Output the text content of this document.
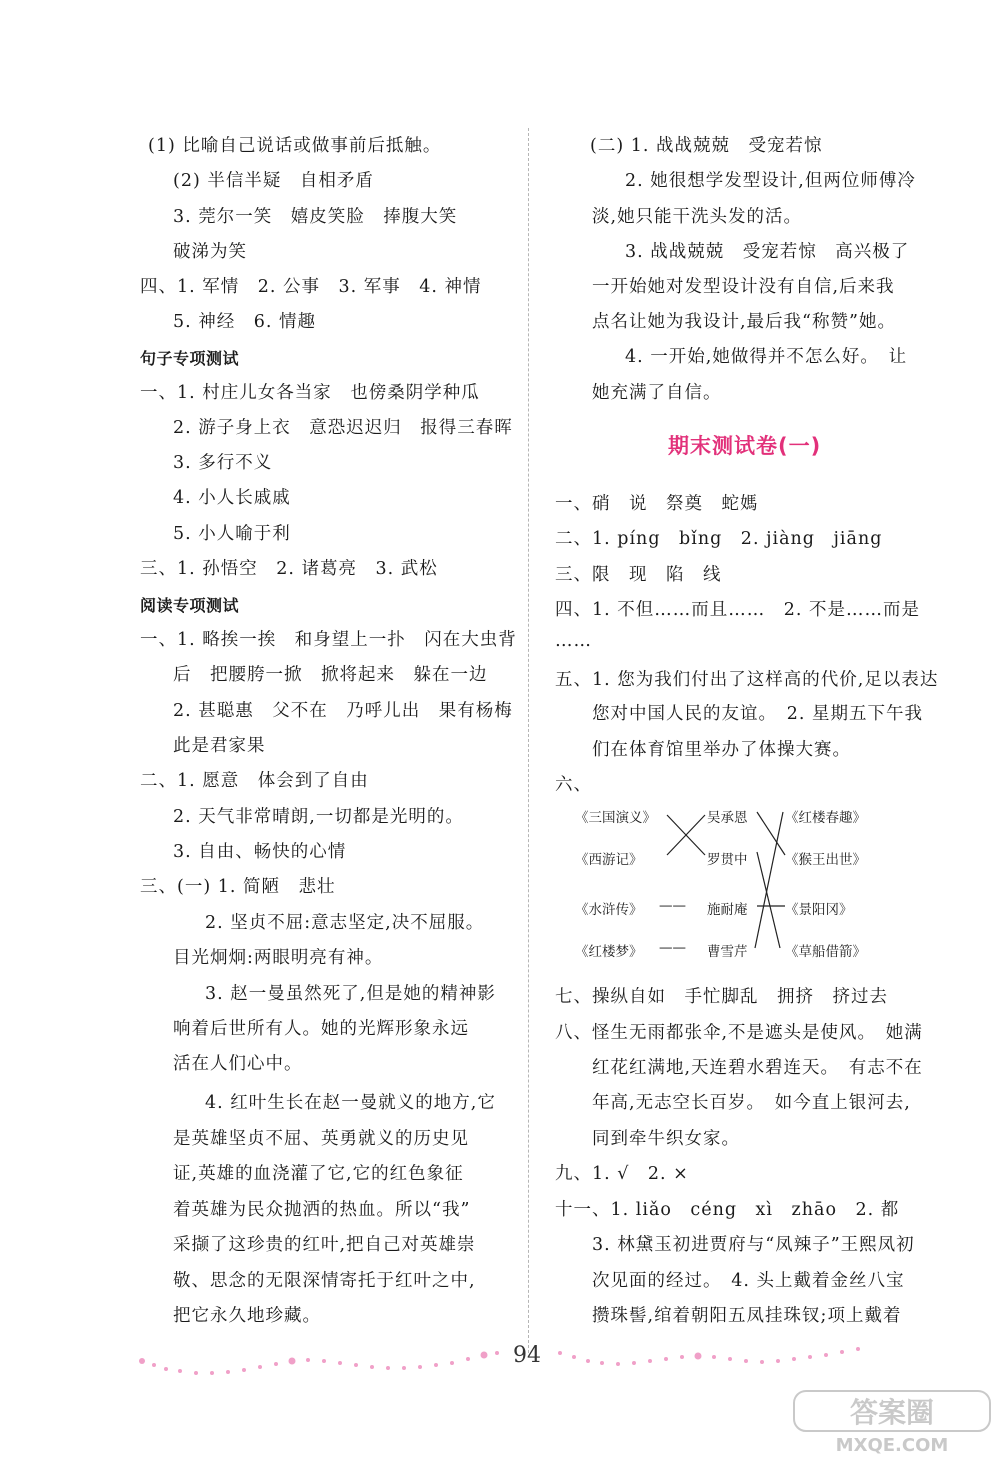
(1) 比喻自己说话或做事前后抵触。
(2) 半信半疑　自相矛盾
3. 莞尔一笑　嬉皮笑脸　捧腹大笑
破涕为笑
四、1. 军情　2. 公事　3. 军事　4. 神情
5. 神经　6. 情趣
句子专项测试
一、1. 村庄儿女各当家　也傍桑阴学种瓜
2. 游子身上衣　意恐迟迟归　报得三春晖
3. 多行不义
4. 小人长戚戚
5. 小人喻于利
三、1. 孙悟空　2. 诸葛亮　3. 武松
阅读专项测试
一、1. 略挨一挨　和身望上一扑　闪在大虫背
后　把腰胯一掀　掀将起来　躲在一边
2. 甚聪惠　父不在　乃呼儿出　果有杨梅
此是君家果
二、1. 愿意　体会到了自由
2. 天气非常晴朗,一切都是光明的。
3. 自由、畅快的心情
三、(一) 1. 简陋　悲壮
2. 坚贞不屈:意志坚定,决不屈服。
目光炯炯:两眼明亮有神。
3. 赵一曼虽然死了,但是她的精神影
响着后世所有人。她的光辉形象永远
活在人们心中。
4. 红叶生长在赵一曼就义的地方,它
是英雄坚贞不屈、英勇就义的历史见
证,英雄的血浇灌了它,它的红色象征
着英雄为民众抛洒的热血。所以“我”
采撷了这珍贵的红叶,把自己对英雄崇
敬、思念的无限深情寄托于红叶之中,
把它永久地珍藏。
(二) 1. 战战兢兢　受宠若惊
2. 她很想学发型设计,但两位师傅冷
淡,她只能干洗头发的活。
3. 战战兢兢　受宠若惊　高兴极了
一开始她对发型设计没有自信,后来我
点名让她为我设计,最后我“称赞”她。
4. 一开始,她做得并不怎么好。　让
她充满了自信。
期末测试卷(一)
一、硝　说　祭奠　蛇媽
二、1. píng　bǐng　2. jiàng　jiāng
三、限　现　陷　线
四、1. 不但……而且……　2. 不是……而是
……
五、1. 您为我们付出了这样高的代价,足以表达
您对中国人民的友谊。　2. 星期五下午我
们在体育馆里举办了体操大赛。
六、
《三国演义》
《西游记》
《水浒传》
《红楼梦》
——
——
吴承恩
罗贯中
施耐庵
曹雪芹
《红楼春趣》
《猴王出世》
《景阳冈》
《草船借箭》
七、操纵自如　手忙脚乱　拥挤　挤过去
八、怪生无雨都张伞,不是遮头是使风。　她满
红花红满地,天连碧水碧连天。　有志不在
年高,无志空长百岁。　如今直上银河去,
同到牵牛织女家。
九、1. √　2. ×
十一、1. liǎo　céng　xì　zhāo　2. 都
3. 林黛玉初进贾府与“凤辣子”王熙凤初
次见面的经过。　4. 头上戴着金丝八宝
攒珠髻,绾着朝阳五凤挂珠钗;项上戴着
94
答案圈
MXQE.COM
